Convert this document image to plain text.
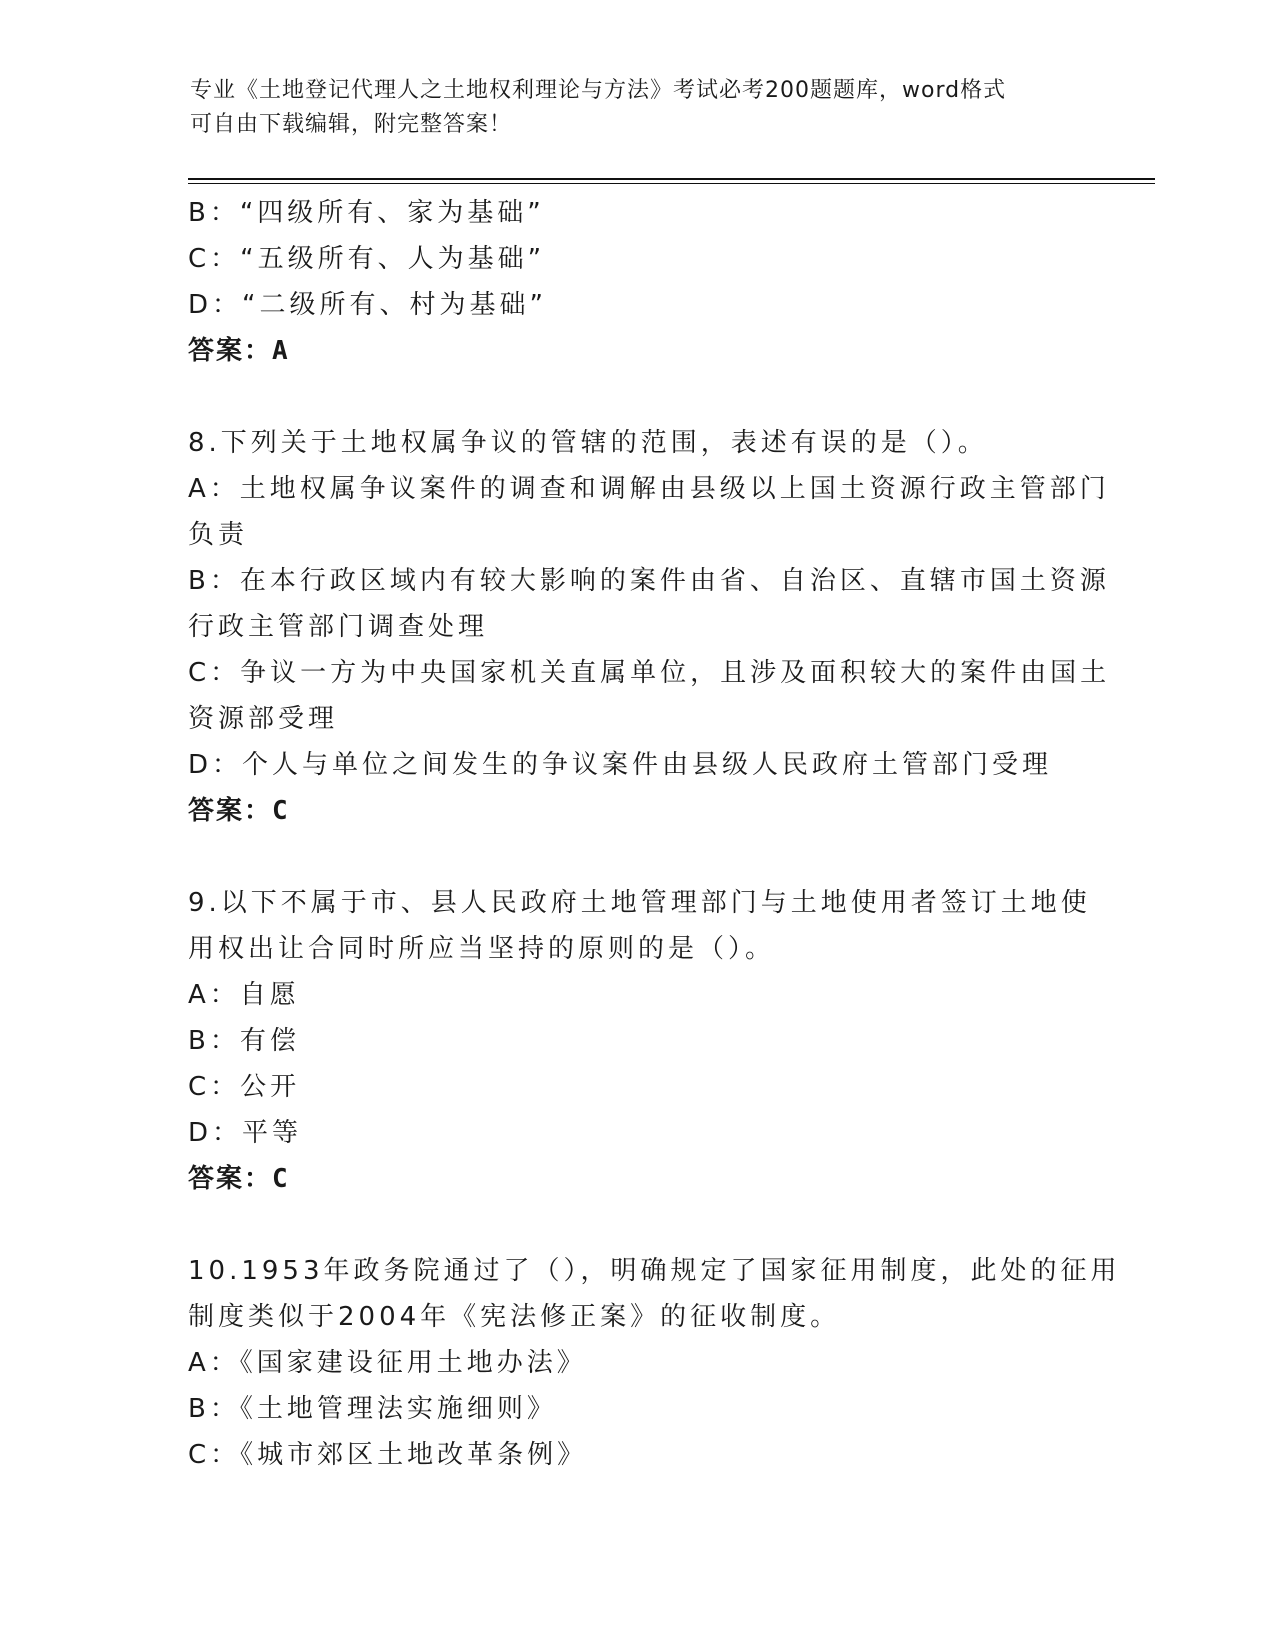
专业《土地登记代理人之土地权利理论与方法》考试必考200题题库，word格式
可自由下载编辑，附完整答案！

B：“四级所有、家为基础”

C：“五级所有、人为基础”

D：“二级所有、村为基础”

答案：A

8.下列关于土地权属争议的管辖的范围，表述有误的是（）。

A：土地权属争议案件的调查和调解由县级以上国土资源行政主管部门

负责

B：在本行政区域内有较大影响的案件由省、自治区、直辖市国土资源

行政主管部门调查处理

C：争议一方为中央国家机关直属单位，且涉及面积较大的案件由国土

资源部受理

D：个人与单位之间发生的争议案件由县级人民政府土管部门受理

答案：C

9.以下不属于市、县人民政府土地管理部门与土地使用者签订土地使

用权出让合同时所应当坚持的原则的是（）。

A：自愿

B：有偿

C：公开

D：平等

答案：C

10.1953年政务院通过了（），明确规定了国家征用制度，此处的征用

制度类似于2004年《宪法修正案》的征收制度。

A：《国家建设征用土地办法》

B：《土地管理法实施细则》

C：《城市郊区土地改革条例》
